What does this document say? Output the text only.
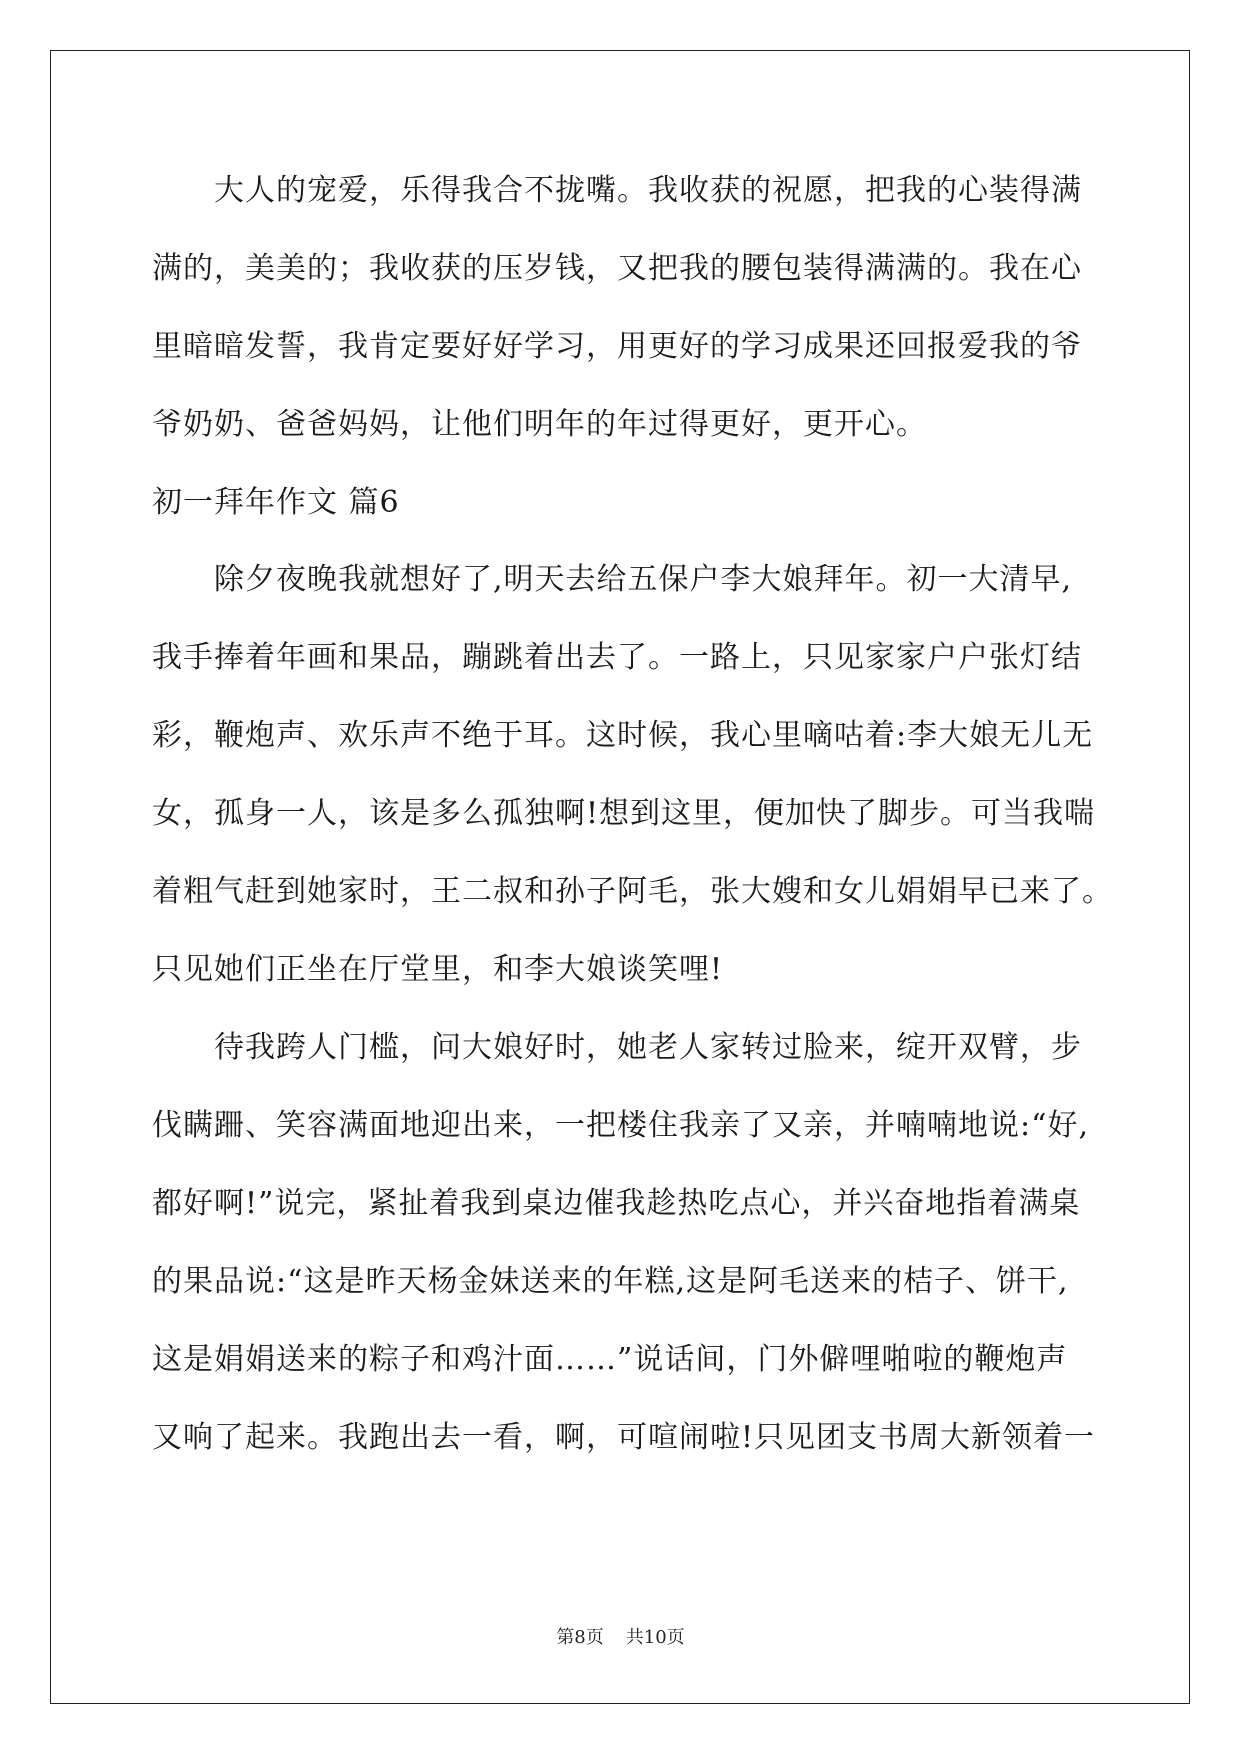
　　大人的宠爱，乐得我合不拢嘴。我收获的祝愿，把我的心装得满
满的，美美的；我收获的压岁钱，又把我的腰包装得满满的。我在心
里暗暗发誓，我肯定要好好学习，用更好的学习成果还回报爱我的爷
爷奶奶、爸爸妈妈，让他们明年的年过得更好，更开心。
初一拜年作文 篇6
　　除夕夜晚我就想好了,明天去给五保户李大娘拜年。初一大清早,
我手捧着年画和果品，蹦跳着出去了。一路上，只见家家户户张灯结
彩，鞭炮声、欢乐声不绝于耳。这时候，我心里嘀咕着:李大娘无儿无
女，孤身一人，该是多么孤独啊!想到这里，便加快了脚步。可当我喘
着粗气赶到她家时，王二叔和孙子阿毛，张大嫂和女儿娟娟早已来了。
只见她们正坐在厅堂里，和李大娘谈笑哩!
　　待我跨人门槛，问大娘好时，她老人家转过脸来，绽开双臂，步
伐瞒跚、笑容满面地迎出来，一把楼住我亲了又亲，并喃喃地说:“好,
都好啊!”说完，紧扯着我到桌边催我趁热吃点心，并兴奋地指着满桌
的果品说:“这是昨天杨金妹送来的年糕,这是阿毛送来的桔子、饼干,
这是娟娟送来的粽子和鸡汁面……”说话间，门外僻哩啪啦的鞭炮声
又响了起来。我跑出去一看，啊，可喧闹啦!只见团支书周大新领着一
第8页 共10页
